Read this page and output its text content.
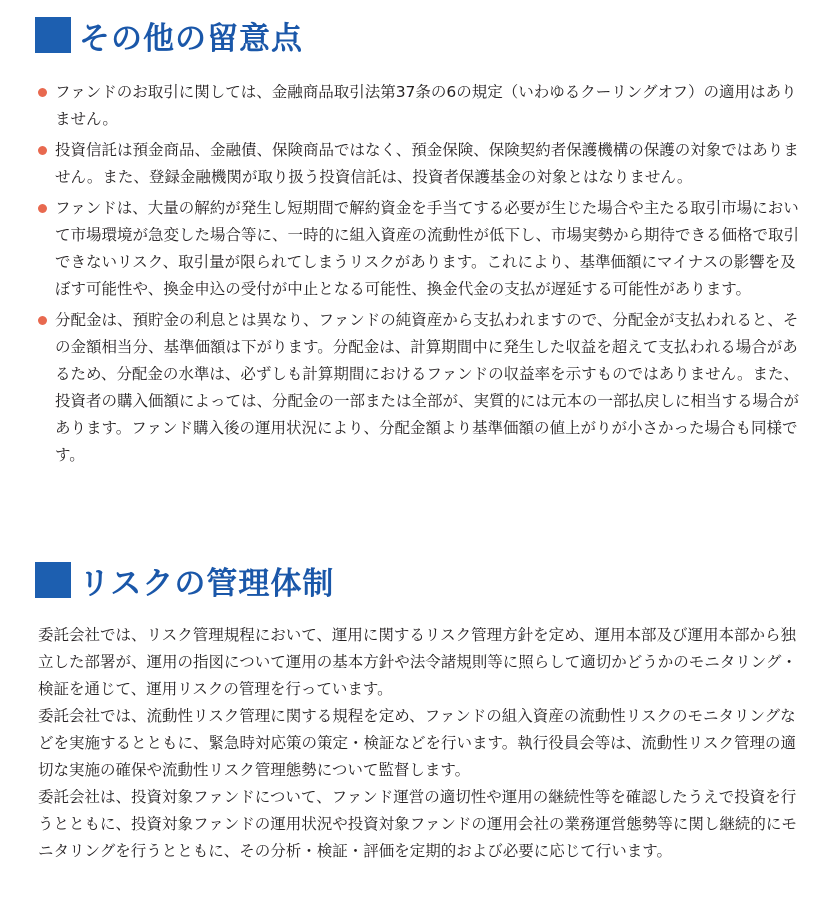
その他の留意点
ファンドのお取引に関しては、金融商品取引法第37条の6の規定（いわゆるクーリングオフ）の適用はありません。
投資信託は預金商品、金融債、保険商品ではなく、預金保険、保険契約者保護機構の保護の対象ではありません。また、登録金融機関が取り扱う投資信託は、投資者保護基金の対象とはなりません。
ファンドは、大量の解約が発生し短期間で解約資金を手当てする必要が生じた場合や主たる取引市場において市場環境が急変した場合等に、一時的に組入資産の流動性が低下し、市場実勢から期待できる価格で取引できないリスク、取引量が限られてしまうリスクがあります。これにより、基準価額にマイナスの影響を及ぼす可能性や、換金申込の受付が中止となる可能性、換金代金の支払が遅延する可能性があります。
分配金は、預貯金の利息とは異なり、ファンドの純資産から支払われますので、分配金が支払われると、その金額相当分、基準価額は下がります。分配金は、計算期間中に発生した収益を超えて支払われる場合があるため、分配金の水準は、必ずしも計算期間におけるファンドの収益率を示すものではありません。また、投資者の購入価額によっては、分配金の一部または全部が、実質的には元本の一部払戻しに相当する場合があります。ファンド購入後の運用状況により、分配金額より基準価額の値上がりが小さかった場合も同様です。
リスクの管理体制

委託会社では、リスク管理規程において、運用に関するリスク管理方針を定め、運用本部及び運用本部から独立した部署が、運用の指図について運用の基本方針や法令諸規則等に照らして適切かどうかのモニタリング・検証を通じて、運用リスクの管理を行っています。

委託会社では、流動性リスク管理に関する規程を定め、ファンドの組入資産の流動性リスクのモニタリングなどを実施するとともに、緊急時対応策の策定・検証などを行います。執行役員会等は、流動性リスク管理の適切な実施の確保や流動性リスク管理態勢について監督します。

委託会社は、投資対象ファンドについて、ファンド運営の適切性や運用の継続性等を確認したうえで投資を行うとともに、投資対象ファンドの運用状況や投資対象ファンドの運用会社の業務運営態勢等に関し継続的にモニタリングを行うとともに、その分析・検証・評価を定期的および必要に応じて行います。
